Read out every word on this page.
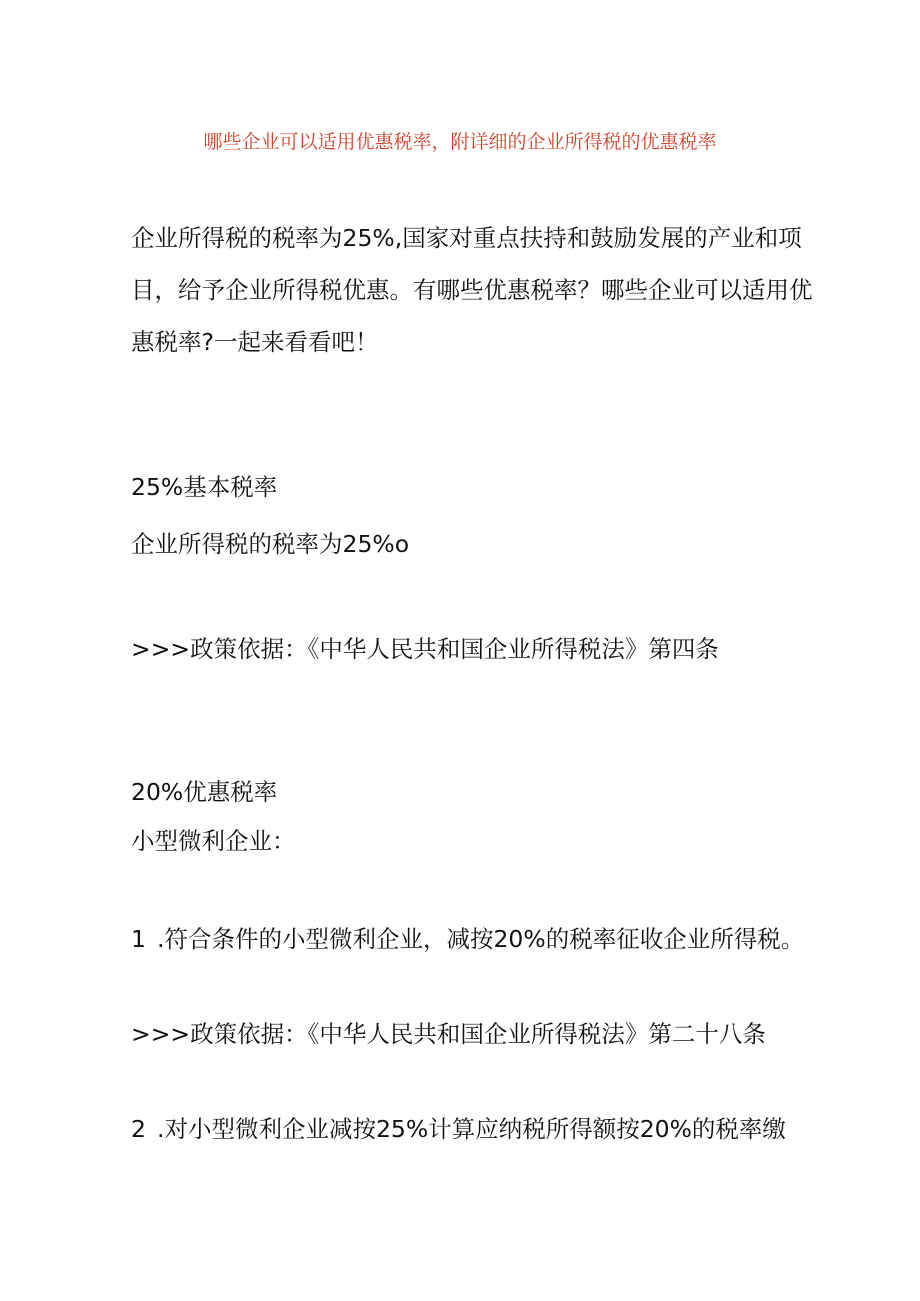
哪些企业可以适用优惠税率，附详细的企业所得税的优惠税率
企业所得税的税率为25%,国家对重点扶持和鼓励发展的产业和项
目，给予企业所得税优惠。有哪些优惠税率？哪些企业可以适用优
惠税率?一起来看看吧！
25%基本税率
企业所得税的税率为25%o
>>>政策依据：《中华人民共和国企业所得税法》第四条
20%优惠税率
小型微利企业：
1 .符合条件的小型微利企业，减按20%的税率征收企业所得税。
>>>政策依据：《中华人民共和国企业所得税法》第二十八条
2 .对小型微利企业减按25%计算应纳税所得额按20%的税率缴
